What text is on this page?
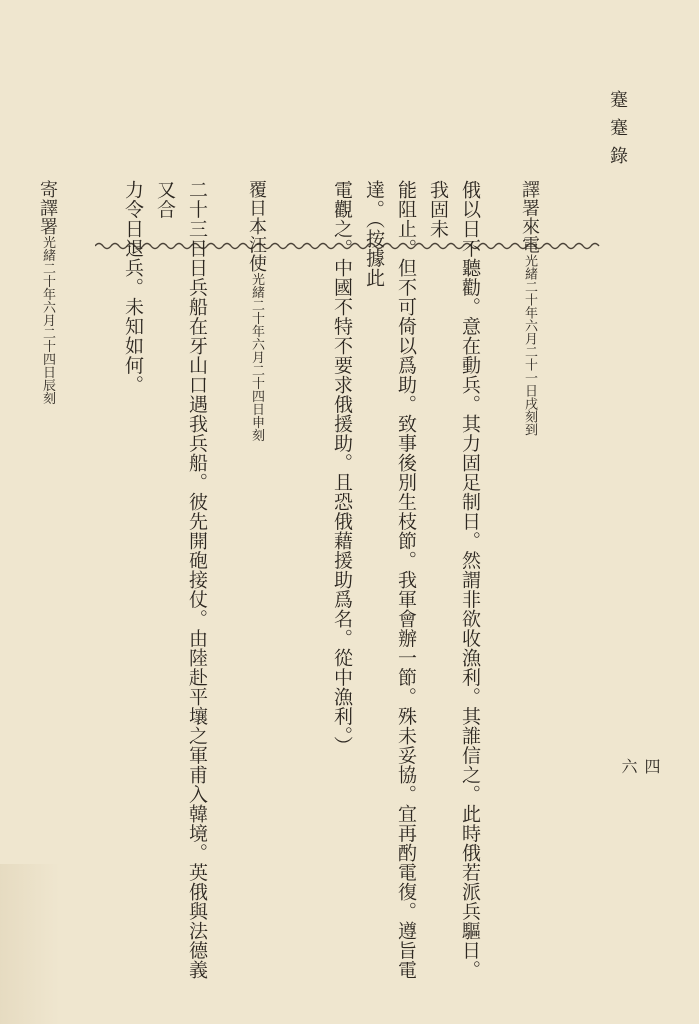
蹇蹇錄
四六
譯署來電光緒二十年六月二十一日戌刻到
俄以日不聽勸。意在動兵。其力固足制日。然謂非欲收漁利。其誰信之。此時俄若派兵驅日。我固未
能阻止。但不可倚以爲助。致事後別生枝節。我軍會辦一節。殊未妥協。宜再酌電復。遵旨電達。（按據此
電觀之。中國不特不要求俄援助。且恐俄藉援助爲名。從中漁利。）
覆日本汪使光緒二十年六月二十四日申刻
二十三日日兵船在牙山口遇我兵船。彼先開砲接仗。由陸赴平壤之軍甫入韓境。英俄與法德義又合
力令日退兵。未知如何。
寄譯署光緒二十年六月二十四日辰刻
